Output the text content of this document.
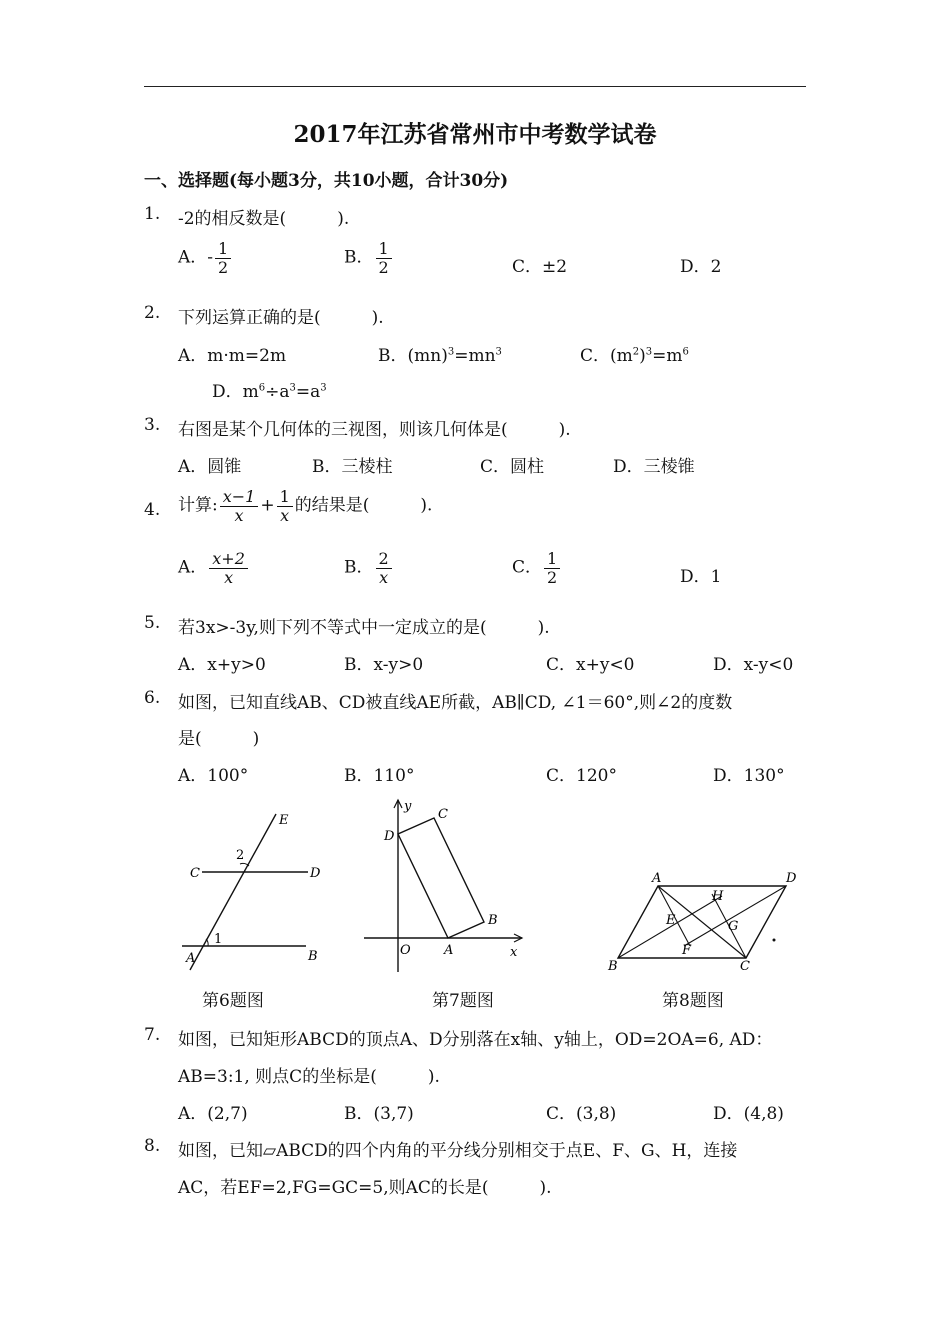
2017年江苏省常州市中考数学试卷
一、选择题(每小题3分，共10小题，合计30分)
1. -2的相反数是(　　　).
A．- $\frac{1}{2}$	B． $\frac{1}{2}$	C．±2	D．2
2. 下列运算正确的是(　　　).
A．m·m=2m	B．$(mn)^3=mn^3$	C．$(m^2)^3=m^6$
D．$m^6\div a^3=a^3$
3. 右图是某个几何体的三视图，则该几何体是(　　　).
A．圆锥	B．三棱柱	C．圆柱	D．三棱锥
4. 计算: $\frac{x-1}{x} + \frac{1}{x}$ 的结果是(　　　).
A． $\frac{x+2}{x}$	B． $\frac{2}{x}$	C． $\frac{1}{2}$	D．1
5. 若3x>-3y,则下列不等式中一定成立的是(　　　).
A．x+y>0	B．x-y>0	C．x+y<0	D．x-y<0
6. 如图，已知直线AB、CD被直线AE所截，AB∥CD, ∠1＝60°,则∠2的度数
是(　　　)
A．100°	B．110°	C．120°	D．130°
E
C	D
2
1
A	B
第6题图
y
x
O	A
B
C
D
第7题图
A	D
B	C
E
F
G
H
第8题图
7. 如图，已知矩形ABCD的顶点A、D分别落在x轴、y轴上，OD=2OA=6, AD：
AB=3:1, 则点C的坐标是(　　　).
A．(2,7)	B．(3,7)	C．(3,8)	D．(4,8)
8. 如图，已知▱ABCD的四个内角的平分线分别相交于点E、F、G、H，连接
AC，若EF=2,FG=GC=5,则AC的长是(　　　).
